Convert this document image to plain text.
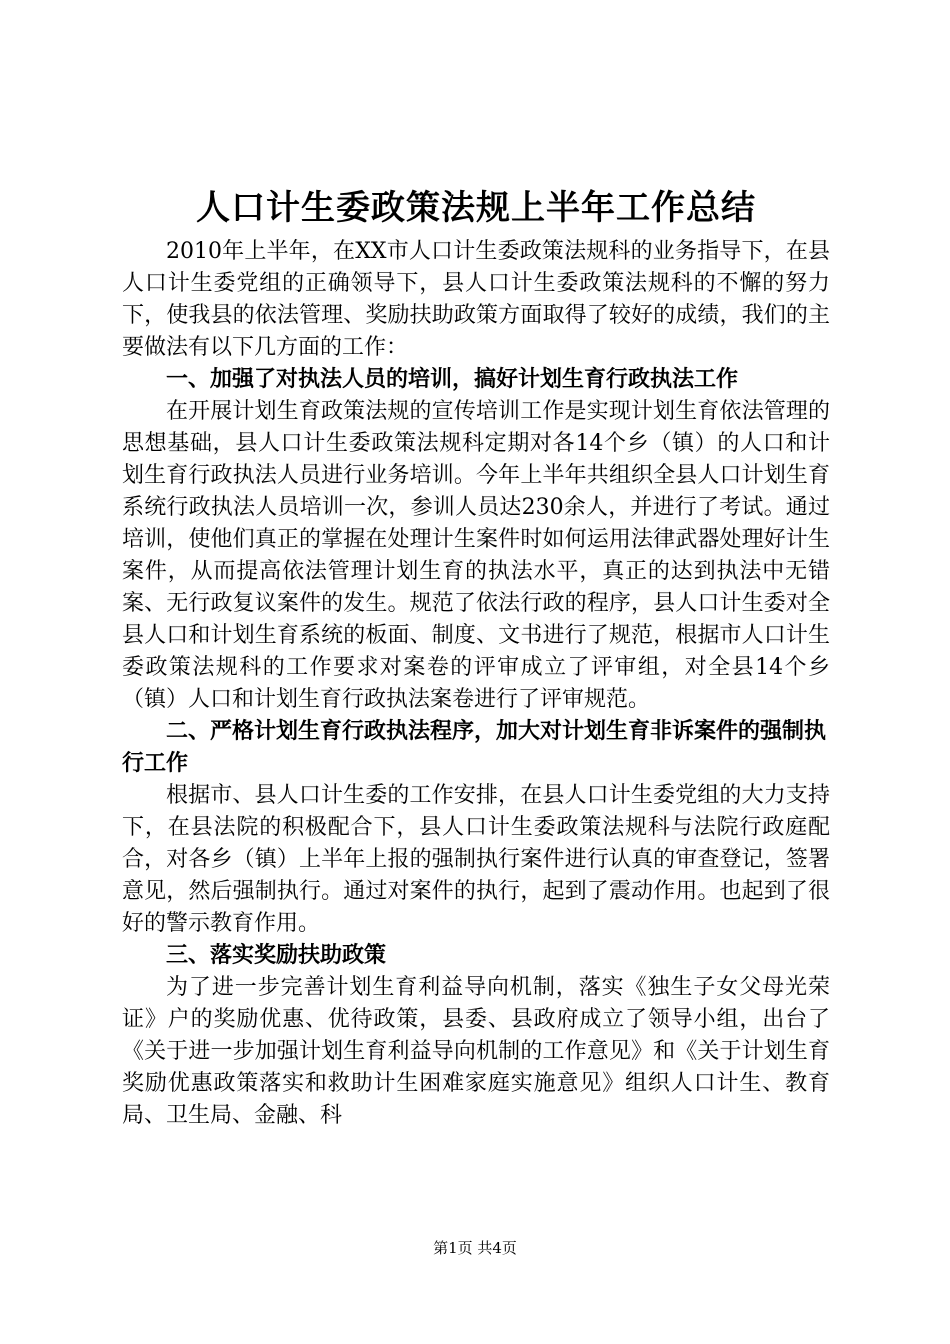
人口计生委政策法规上半年工作总结

2010年上半年，在XX市人口计生委政策法规科的业务指导下，在县人口计生委党组的正确领导下，县人口计生委政策法规科的不懈的努力下，使我县的依法管理、奖励扶助政策方面取得了较好的成绩，我们的主要做法有以下几方面的工作：

一、加强了对执法人员的培训，搞好计划生育行政执法工作

在开展计划生育政策法规的宣传培训工作是实现计划生育依法管理的思想基础，县人口计生委政策法规科定期对各14个乡（镇）的人口和计划生育行政执法人员进行业务培训。今年上半年共组织全县人口计划生育系统行政执法人员培训一次，参训人员达230余人，并进行了考试。通过培训，使他们真正的掌握在处理计生案件时如何运用法律武器处理好计生案件，从而提高依法管理计划生育的执法水平，真正的达到执法中无错案、无行政复议案件的发生。规范了依法行政的程序，县人口计生委对全县人口和计划生育系统的板面、制度、文书进行了规范，根据市人口计生委政策法规科的工作要求对案卷的评审成立了评审组，对全县14个乡（镇）人口和计划生育行政执法案卷进行了评审规范。

二、严格计划生育行政执法程序，加大对计划生育非诉案件的强制执行工作

根据市、县人口计生委的工作安排，在县人口计生委党组的大力支持下，在县法院的积极配合下，县人口计生委政策法规科与法院行政庭配合，对各乡（镇）上半年上报的强制执行案件进行认真的审查登记，签署意见，然后强制执行。通过对案件的执行，起到了震动作用。也起到了很好的警示教育作用。

三、落实奖励扶助政策

为了进一步完善计划生育利益导向机制，落实《独生子女父母光荣证》户的奖励优惠、优待政策，县委、县政府成立了领导小组，出台了《关于进一步加强计划生育利益导向机制的工作意见》和《关于计划生育奖励优惠政策落实和救助计生困难家庭实施意见》组织人口计生、教育局、卫生局、金融、科

第1页 共4页
